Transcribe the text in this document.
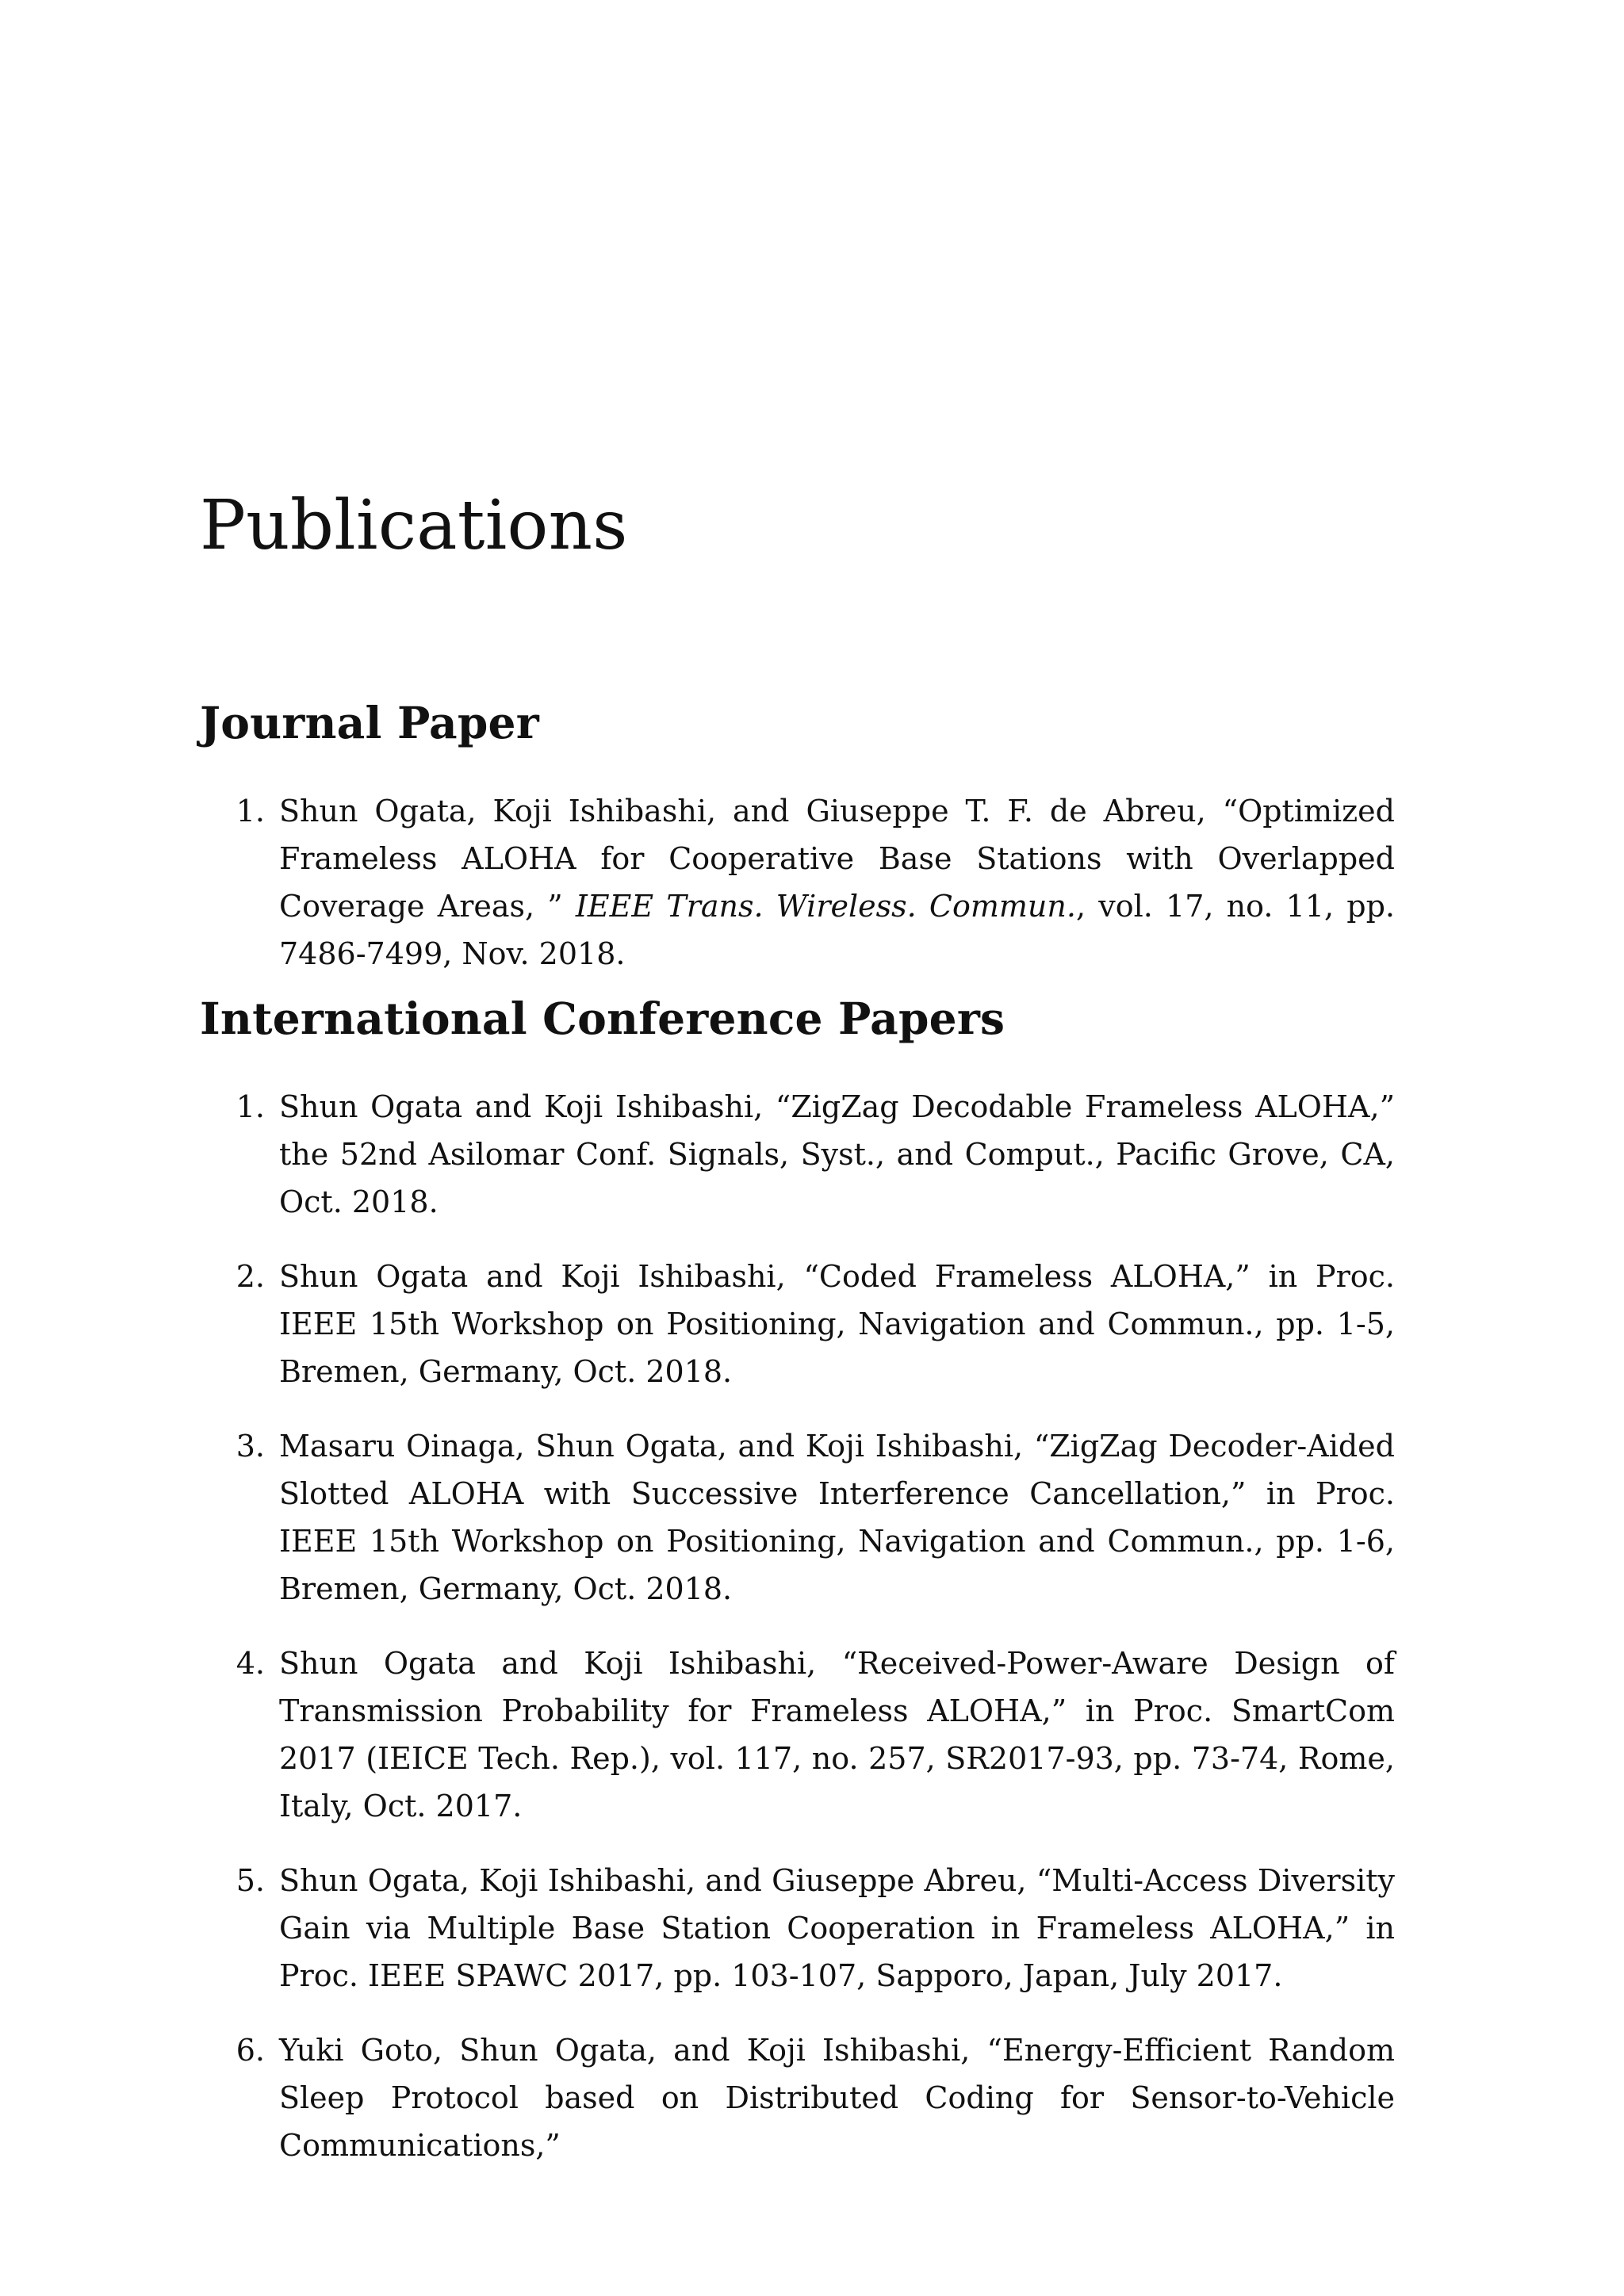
Publications
Journal Paper
1. Shun Ogata, Koji Ishibashi, and Giuseppe T. F. de Abreu, “Optimized Frameless ALOHA for Cooperative Base Stations with Overlapped Coverage Areas, ” IEEE Trans. Wireless. Commun., vol. 17, no. 11, pp. 7486-7499, Nov. 2018.
International Conference Papers
1. Shun Ogata and Koji Ishibashi, “ZigZag Decodable Frameless ALOHA,” the 52nd Asilomar Conf. Signals, Syst., and Comput., Pacific Grove, CA, Oct. 2018.
2. Shun Ogata and Koji Ishibashi, “Coded Frameless ALOHA,” in Proc. IEEE 15th Workshop on Positioning, Navigation and Commun., pp. 1-5, Bremen, Germany, Oct. 2018.
3. Masaru Oinaga, Shun Ogata, and Koji Ishibashi, “ZigZag Decoder-Aided Slotted ALOHA with Successive Interference Cancellation,” in Proc. IEEE 15th Workshop on Positioning, Navigation and Commun., pp. 1-6, Bremen, Germany, Oct. 2018.
4. Shun Ogata and Koji Ishibashi, “Received-Power-Aware Design of Transmission Probability for Frameless ALOHA,” in Proc. SmartCom 2017 (IEICE Tech. Rep.), vol. 117, no. 257, SR2017-93, pp. 73-74, Rome, Italy, Oct. 2017.
5. Shun Ogata, Koji Ishibashi, and Giuseppe Abreu, “Multi-Access Diversity Gain via Multiple Base Station Cooperation in Frameless ALOHA,” in Proc. IEEE SPAWC 2017, pp. 103-107, Sapporo, Japan, July 2017.
6. Yuki Goto, Shun Ogata, and Koji Ishibashi, “Energy-Efficient Random Sleep Protocol based on Distributed Coding for Sensor-to-Vehicle Communications,”
